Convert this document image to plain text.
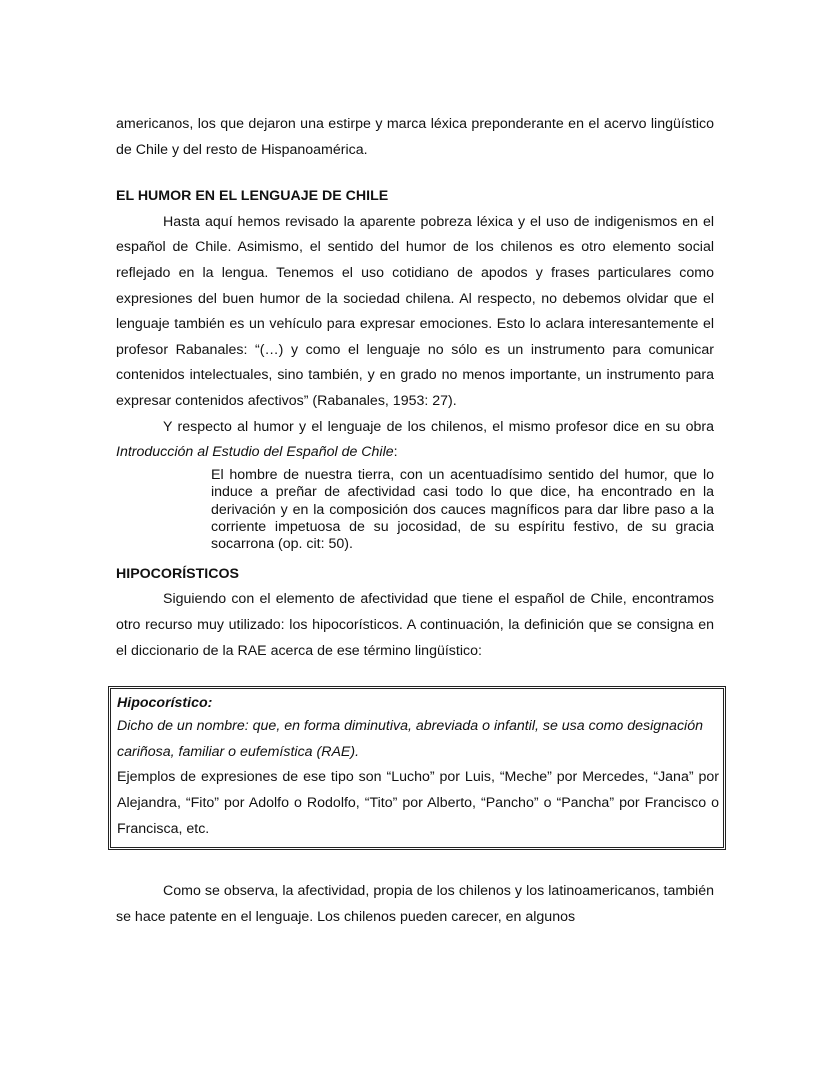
americanos, los que dejaron una estirpe y marca léxica preponderante en el acervo lingüístico de Chile y del resto de Hispanoamérica.

EL HUMOR EN EL LENGUAJE DE CHILE

Hasta aquí hemos revisado la aparente pobreza léxica y el uso de indigenismos en el español de Chile. Asimismo, el sentido del humor de los chilenos es otro elemento social reflejado en la lengua. Tenemos el uso cotidiano de apodos y frases particulares como expresiones del buen humor de la sociedad chilena. Al respecto, no debemos olvidar que el lenguaje también es un vehículo para expresar emociones. Esto lo aclara interesantemente el profesor Rabanales: “(…) y como el lenguaje no sólo es un instrumento para comunicar contenidos intelectuales, sino también, y en grado no menos importante, un instrumento para expresar contenidos afectivos” (Rabanales, 1953: 27).

Y respecto al humor y el lenguaje de los chilenos, el mismo profesor dice en su obra Introducción al Estudio del Español de Chile:

El hombre de nuestra tierra, con un acentuadísimo sentido del humor, que lo induce a preñar de afectividad casi todo lo que dice, ha encontrado en la derivación y en la composición dos cauces magníficos para dar libre paso a la corriente impetuosa de su jocosidad, de su espíritu festivo, de su gracia socarrona (op. cit: 50).
HIPOCORÍSTICOS

Siguiendo con el elemento de afectividad que tiene el español de Chile, encontramos otro recurso muy utilizado: los hipocorísticos. A continuación, la definición que se consigna en el diccionario de la RAE acerca de ese término lingüístico:

Hipocorístico:

Dicho de un nombre: que, en forma diminutiva, abreviada o infantil, se usa como designación cariñosa, familiar o eufemística (RAE).

Ejemplos de expresiones de ese tipo son “Lucho” por Luis, “Meche” por Mercedes, “Jana” por Alejandra, “Fito” por Adolfo o Rodolfo, “Tito” por Alberto, “Pancho” o “Pancha” por Francisco o Francisca, etc.

Como se observa, la afectividad, propia de los chilenos y los latinoamericanos, también se hace patente en el lenguaje. Los chilenos pueden carecer, en algunos
